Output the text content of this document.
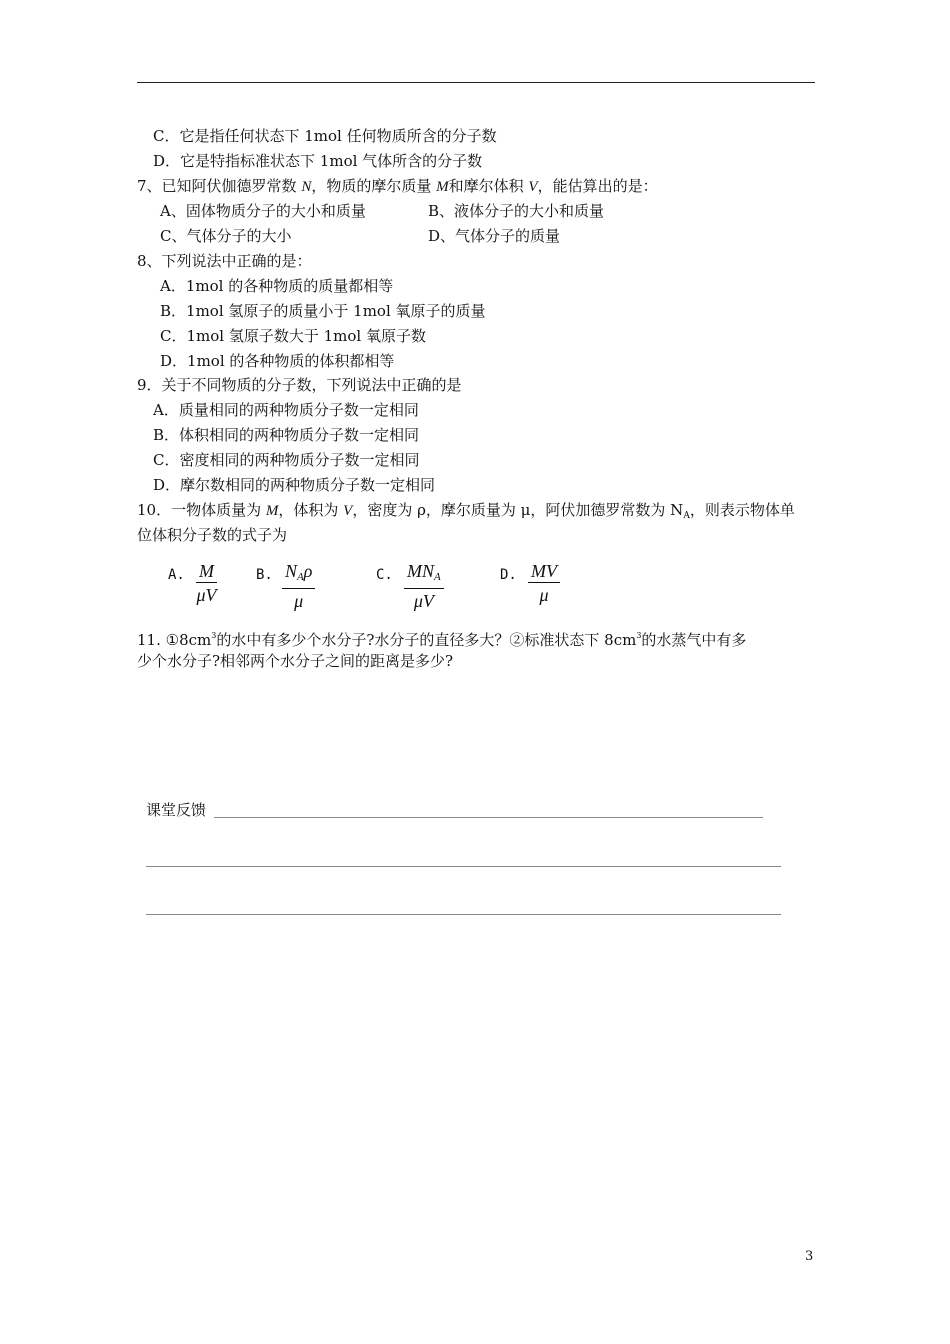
C．它是指任何状态下 1mol 任何物质所含的分子数
D．它是特指标准状态下 1mol 气体所含的分子数
7、已知阿伏伽德罗常数 N，物质的摩尔质量 M和摩尔体积 V，能估算出的是：
A、固体物质分子的大小和质量	B、液体分子的大小和质量
C、气体分子的大小	D、气体分子的质量
8、下列说法中正确的是：
A．1mol 的各种物质的质量都相等
B．1mol 氢原子的质量小于 1mol 氧原子的质量
C．1mol 氢原子数大于 1mol 氧原子数
D．1mol 的各种物质的体积都相等
9．关于不同物质的分子数，下列说法中正确的是
A．质量相同的两种物质分子数一定相同
B．体积相同的两种物质分子数一定相同
C．密度相同的两种物质分子数一定相同
D．摩尔数相同的两种物质分子数一定相同
10．一物体质量为 M，体积为 V，密度为 ρ，摩尔质量为 μ，阿伏加德罗常数为 $N_A$，则表示物体单
位体积分子数的式子为
A. $\frac{M}{\mu V}$	B. $N_A\rho$
μ
C. $MN_A$
μV
D. $\frac{MV}{\mu}$
11. $①8cm^3$的水中有多少个水分子?水分子的直径多大？②标准状态下 $8cm^3$的水蒸气中有多
少个水分子?相邻两个水分子之间的距离是多少?
课堂反馈
3
